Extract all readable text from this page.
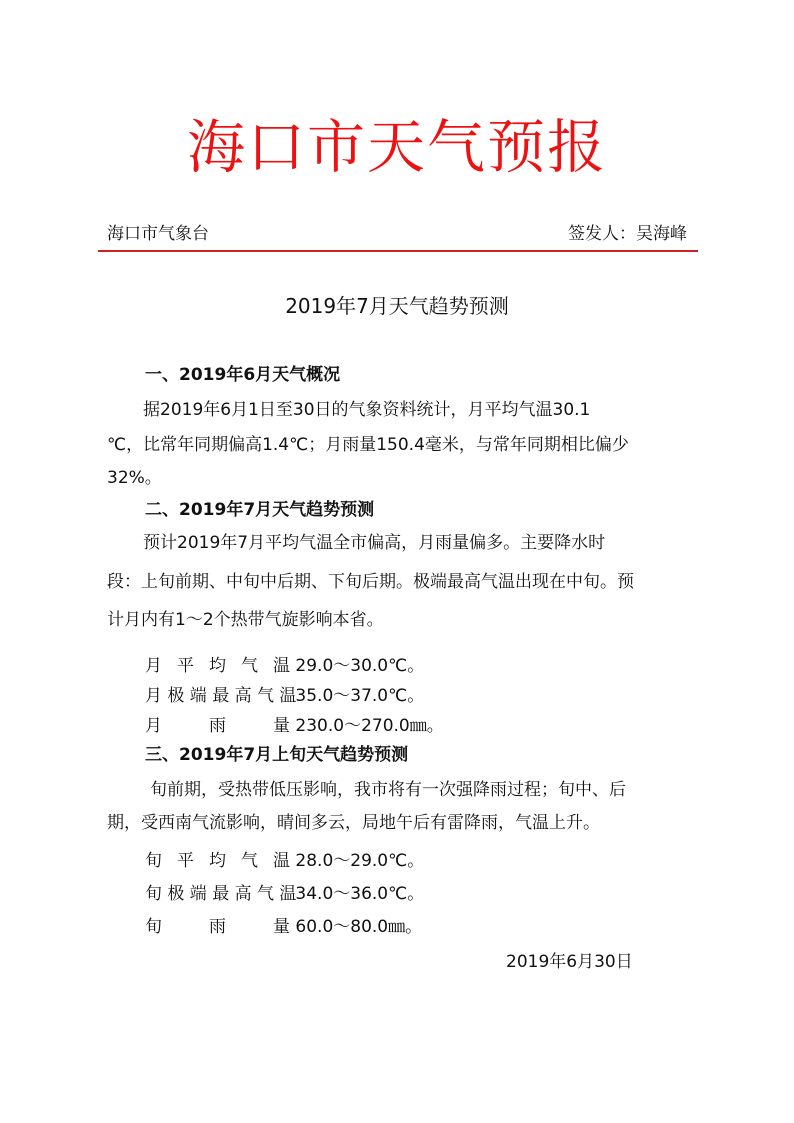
海口市天气预报
海口市气象台	签发人：吴海峰
2019年7月天气趋势预测
一、2019年6月天气概况
据2019年6月1日至30日的气象资料统计，月平均气温30.1
℃，比常年同期偏高1.4℃；月雨量150.4毫米，与常年同期相比偏少
32%。
二、2019年7月天气趋势预测
预计2019年7月平均气温全市偏高，月雨量偏多。主要降水时
段：上旬前期、中旬中后期、下旬后期。极端最高气温出现在中旬。预
计月内有1～2个热带气旋影响本省。
月 平 均 气 温 29.0～30.0℃。
月 极 端 最 高 气 温 35.0～37.0℃。
月 雨 量 230.0～270.0㎜。
三、2019年7月上旬天气趋势预测
旬前期，受热带低压影响，我市将有一次强降雨过程；旬中、后
期，受西南气流影响，晴间多云，局地午后有雷降雨，气温上升。
旬 平 均 气 温 28.0～29.0℃。
旬 极 端 最 高 气 温 34.0～36.0℃。
旬 雨 量 60.0～80.0㎜。
2019年6月30日
